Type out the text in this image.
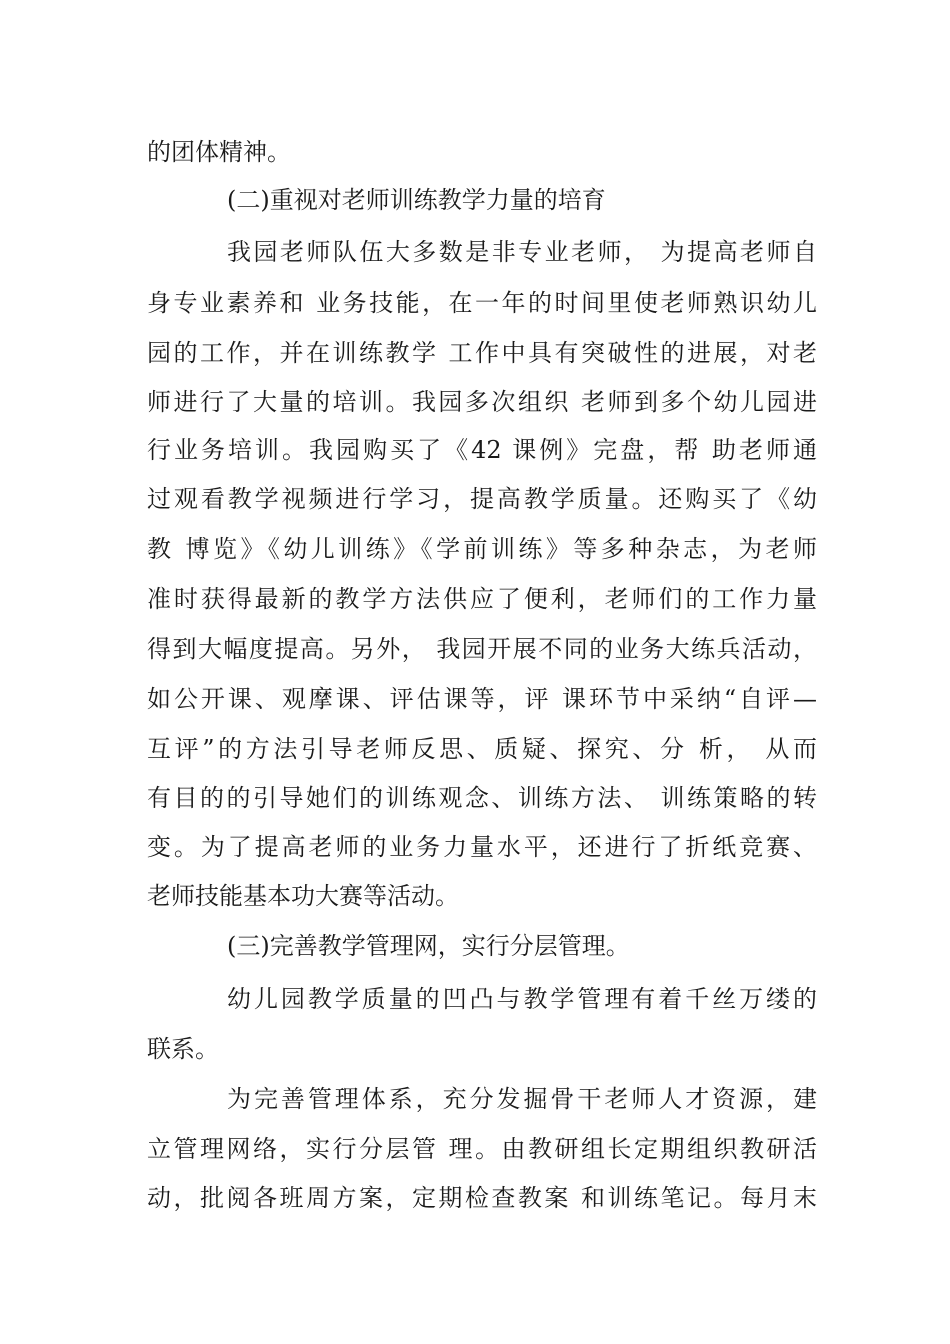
的团体精神。
(二)重视对老师训练教学力量的培育
我园老师队伍大多数是非专业老师， 为提高老师自
身专业素养和 业务技能，在一年的时间里使老师熟识幼儿
园的工作，并在训练教学 工作中具有突破性的进展，对老
师进行了大量的培训。我园多次组织 老师到多个幼儿园进
行业务培训。我园购买了《42 课例》完盘，帮 助老师通
过观看教学视频进行学习，提高教学质量。还购买了《幼
教 博览》《幼儿训练》《学前训练》等多种杂志，为老师
准时获得最新的教学方法供应了便利，老师们的工作力量
得到大幅度提高。另外， 我园开展不同的业务大练兵活动，
如公开课、观摩课、评估课等，评 课环节中采纳“自评—
互评”的方法引导老师反思、质疑、探究、分 析， 从而
有目的的引导她们的训练观念、训练方法、 训练策略的转
变。为了提高老师的业务力量水平，还进行了折纸竞赛、
老师技能基本功大赛等活动。
(三)完善教学管理网，实行分层管理。
幼儿园教学质量的凹凸与教学管理有着千丝万缕的
联系。
为完善管理体系，充分发掘骨干老师人才资源，建
立管理网络，实行分层管 理。由教研组长定期组织教研活
动，批阅各班周方案，定期检查教案 和训练笔记。每月末
